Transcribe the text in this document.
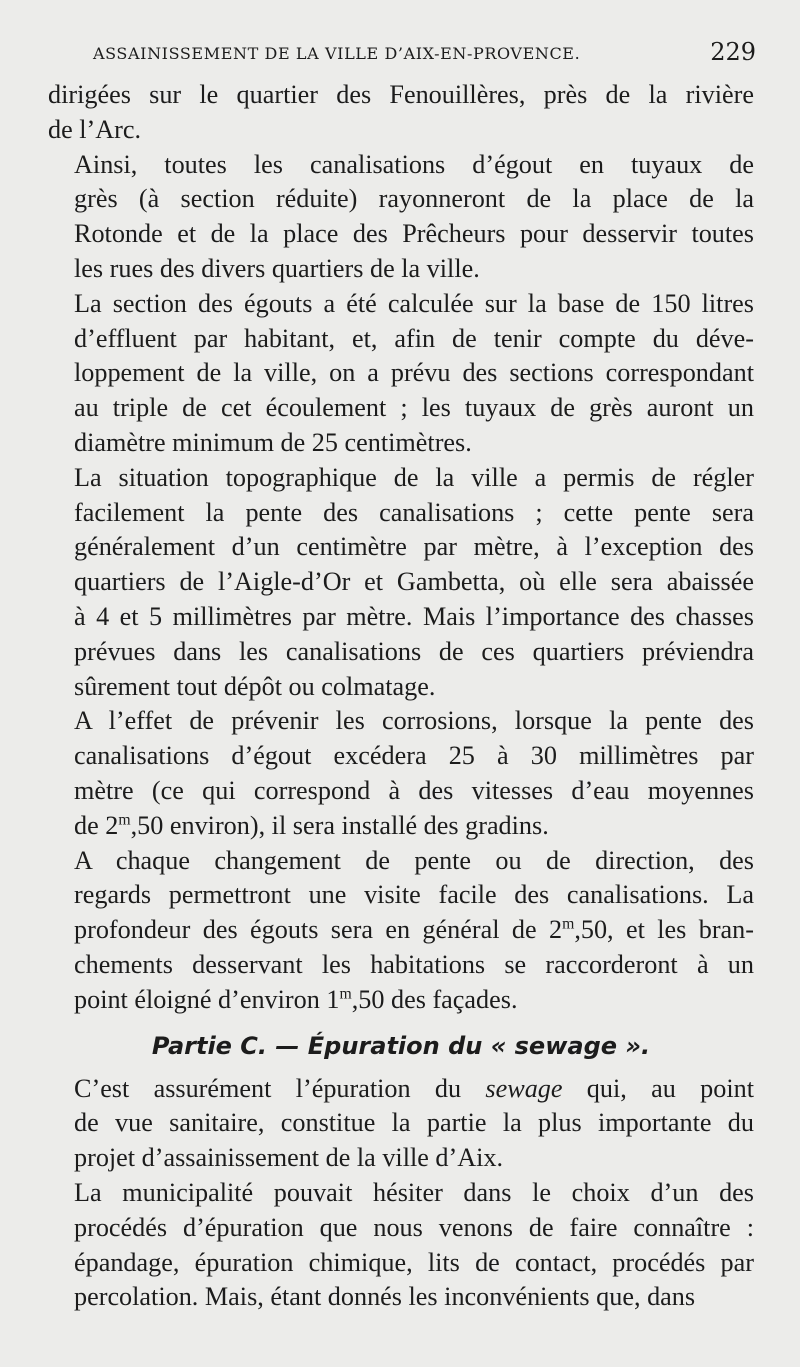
ASSAINISSEMENT DE LA VILLE D’AIX-EN-PROVENCE.	229
dirigées sur le quartier des Fenouillères, près de la rivière
de l’Arc.
Ainsi, toutes les canalisations d’égout en tuyaux de
grès (à section réduite) rayonneront de la place de la
Rotonde et de la place des Prêcheurs pour desservir toutes
les rues des divers quartiers de la ville.
La section des égouts a été calculée sur la base de 150 litres
d’effluent par habitant, et, afin de tenir compte du déve-
loppement de la ville, on a prévu des sections correspondant
au triple de cet écoulement ; les tuyaux de grès auront un
diamètre minimum de 25 centimètres.
La situation topographique de la ville a permis de régler
facilement la pente des canalisations ; cette pente sera
généralement d’un centimètre par mètre, à l’exception des
quartiers de l’Aigle-d’Or et Gambetta, où elle sera abaissée
à 4 et 5 millimètres par mètre. Mais l’importance des chasses
prévues dans les canalisations de ces quartiers préviendra
sûrement tout dépôt ou colmatage.
A l’effet de prévenir les corrosions, lorsque la pente des
canalisations d’égout excédera 25 à 30 millimètres par
mètre (ce qui correspond à des vitesses d’eau moyennes
de 2$^m$,50 environ), il sera installé des gradins.
A chaque changement de pente ou de direction, des
regards permettront une visite facile des canalisations. La
profondeur des égouts sera en général de 2$^m$,50, et les bran-
chements desservant les habitations se raccorderont à un
point éloigné d’environ 1$^m$,50 des façades.
Partie C. — Épuration du « sewage ».
C’est assurément l’épuration du sewage qui, au point
de vue sanitaire, constitue la partie la plus importante du
projet d’assainissement de la ville d’Aix.
La municipalité pouvait hésiter dans le choix d’un des
procédés d’épuration que nous venons de faire connaître :
épandage, épuration chimique, lits de contact, procédés par
percolation. Mais, étant donnés les inconvénients que, dans
